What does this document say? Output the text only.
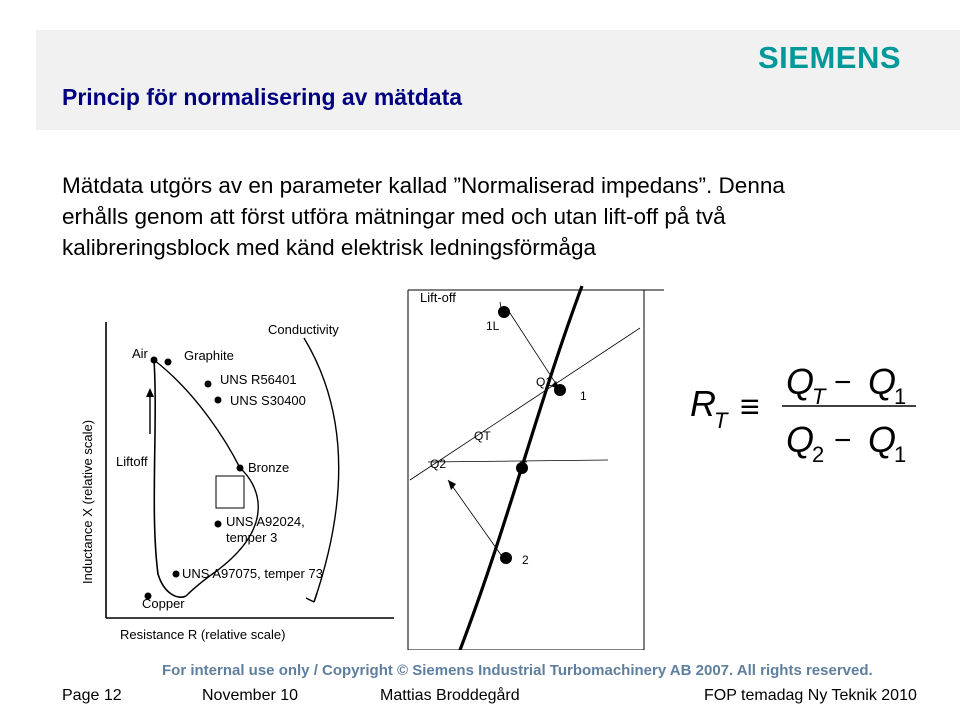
Princip för normalisering av mätdata
SIEMENS
Mätdata utgörs av en parameter kallad ”Normaliserad impedans”. Denna
erhålls genom att först utföra mätningar med och utan lift-off på två
kalibreringsblock med känd elektrisk ledningsförmåga
Conductivity
Air	Graphite
UNS R56401
UNS S30400
Liftoff	Bronze
UNS A92024,
temper 3
UNS A97075, temper 73
Copper
Resistance R (relative scale)
Inductance X (relative scale)
Lift-off
1L
Q1
1
QT
Q2	T
2
R
T ≡
Q
T − Q
1
Q
2 − Q
1
For internal use only / Copyright © Siemens Industrial Turbomachinery AB 2007. All rights reserved.
Page 12	November 10	Mattias Broddegård	FOP temadag Ny Teknik 2010
